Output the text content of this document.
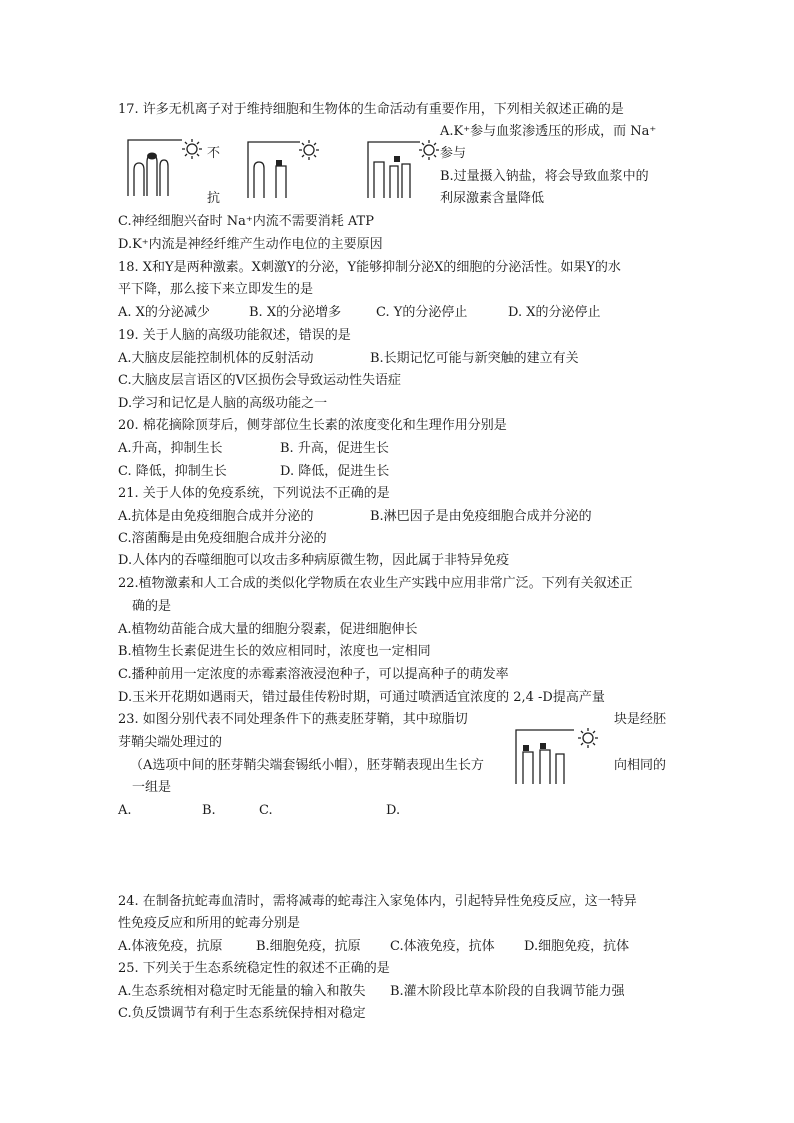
17. 许多无机离子对于维持细胞和生物体的生命活动有重要作用，下列相关叙述正确的是
A.K⁺参与血浆渗透压的形成，而 Na⁺
参与
B.过量摄入钠盐，将会导致血浆中的
利尿激素含量降低
不
抗
C.神经细胞兴奋时 Na⁺内流不需要消耗 ATP
D.K⁺内流是神经纤维产生动作电位的主要原因
18. X和Y是两种激素。X刺激Y的分泌，Y能够抑制分泌X的细胞的分泌活性。如果Y的水
平下降，那么接下来立即发生的是
A. X的分泌减少	B. X的分泌增多	C. Y的分泌停止	D. X的分泌停止
19. 关于人脑的高级功能叙述，错误的是
A.大脑皮层能控制机体的反射活动	B.长期记忆可能与新突触的建立有关
C.大脑皮层言语区的V区损伤会导致运动性失语症
D.学习和记忆是人脑的高级功能之一
20. 棉花摘除顶芽后，侧芽部位生长素的浓度变化和生理作用分别是
A.升高，抑制生长	B. 升高，促进生长
C. 降低，抑制生长	D. 降低，促进生长
21. 关于人体的免疫系统，下列说法不正确的是
A.抗体是由免疫细胞合成并分泌的	B.淋巴因子是由免疫细胞合成并分泌的
C.溶菌酶是由免疫细胞合成并分泌的
D.人体内的吞噬细胞可以攻击多种病原微生物，因此属于非特异免疫
22.植物激素和人工合成的类似化学物质在农业生产实践中应用非常广泛。下列有关叙述正
确的是
A.植物幼苗能合成大量的细胞分裂素，促进细胞伸长
B.植物生长素促进生长的效应相同时，浓度也一定相同
C.播种前用一定浓度的赤霉素溶液浸泡种子，可以提高种子的萌发率
D.玉米开花期如遇雨天，错过最佳传粉时期，可通过喷洒适宜浓度的 2,4 -D提高产量
23. 如图分别代表不同处理条件下的燕麦胚芽鞘，其中琼脂切	块是经胚
芽鞘尖端处理过的
（A选项中间的胚芽鞘尖端套锡纸小帽），胚芽鞘表现出生长方	向相同的
一组是
A.	B.	C.	D.
24. 在制备抗蛇毒血清时，需将减毒的蛇毒注入家兔体内，引起特异性免疫反应，这一特异
性免疫反应和所用的蛇毒分别是
A.体液免疫，抗原	B.细胞免疫，抗原 C.体液免疫，抗体 D.细胞免疫，抗体
25. 下列关于生态系统稳定性的叙述不正确的是
A.生态系统相对稳定时无能量的输入和散失 B.灌木阶段比草本阶段的自我调节能力强
C.负反馈调节有利于生态系统保持相对稳定
